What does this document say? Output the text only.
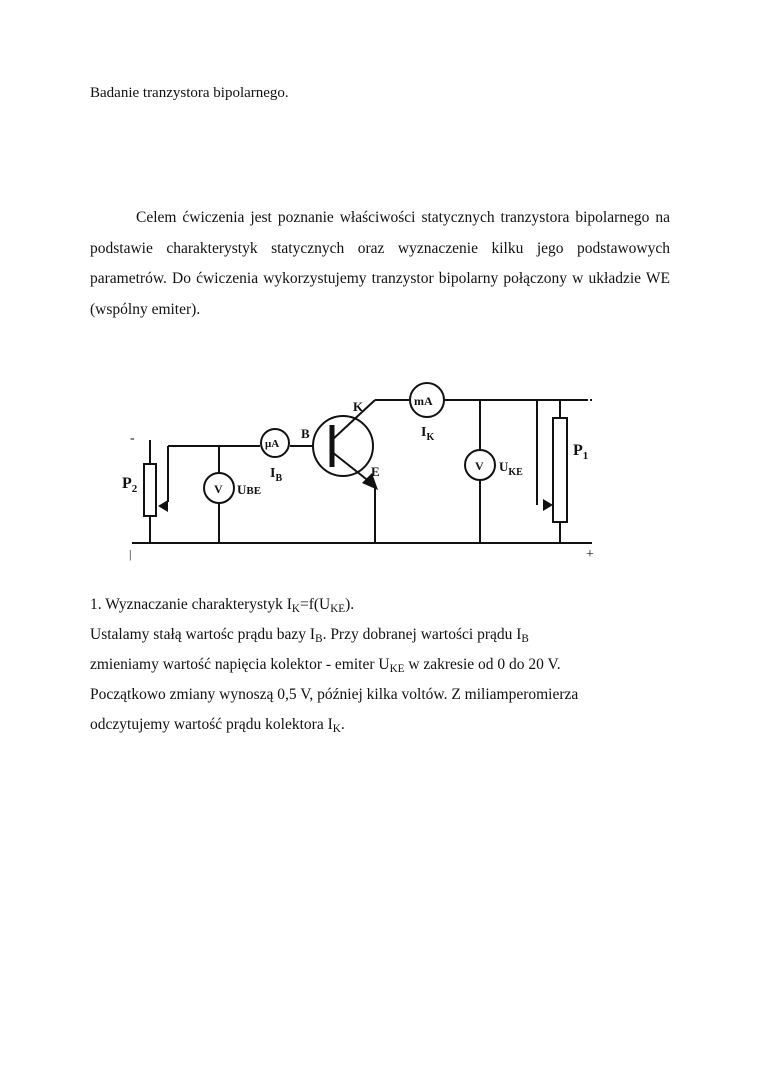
Badanie tranzystora bipolarnego.

Celem ćwiczenia jest poznanie właściwości statycznych tranzystora bipolarnego na podstawie charakterystyk statycznych oraz wyznaczenie kilku jego podstawowych parametrów. Do ćwiczenia wykorzystujemy tranzystor bipolarny połączony w układzie WE (wspólny emiter).

-
|	+
$P_2$
$P_1$
V UBE
μA
$I_B$
B
K
E
mA
$I_K$
V $U_{KE}$
1. Wyznaczanie charakterystyk $I_K=f(U_{KE})$.
Ustalamy stałą wartośc prądu bazy $I_B$. Przy dobranej wartości prądu $I_B$
zmieniamy wartość napięcia kolektor - emiter $U_{KE}$ w zakresie od 0 do 20 V.
Początkowo zmiany wynoszą 0,5 V, później kilka voltów. Z miliamperomierza
odczytujemy wartość prądu kolektora $I_K$.
